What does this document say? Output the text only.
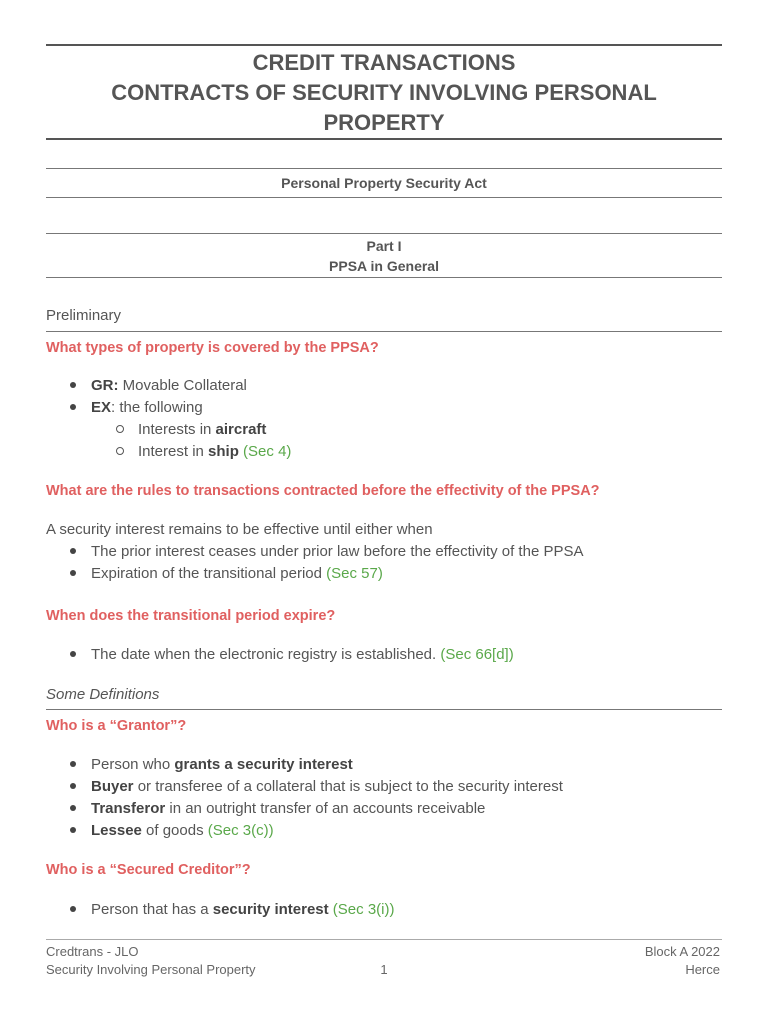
CREDIT TRANSACTIONS
CONTRACTS OF SECURITY INVOLVING PERSONAL
PROPERTY
Personal Property Security Act
Part I
PPSA in General
Preliminary
What types of property is covered by the PPSA?
GR: Movable Collateral
EX: the following
Interests in aircraft
Interest in ship (Sec 4)
What are the rules to transactions contracted before the effectivity of the PPSA?
A security interest remains to be effective until either when
The prior interest ceases under prior law before the effectivity of the PPSA
Expiration of the transitional period (Sec 57)
When does the transitional period expire?
The date when the electronic registry is established. (Sec 66[d])
Some Definitions
Who is a “Grantor”?
Person who grants a security interest
Buyer or transferee of a collateral that is subject to the security interest
Transferor in an outright transfer of an accounts receivable
Lessee of goods (Sec 3(c))
Who is a “Secured Creditor”?
Person that has a security interest (Sec 3(i))
Credtrans - JLO
Security Involving Personal Property	1
Block A 2022
Herce
